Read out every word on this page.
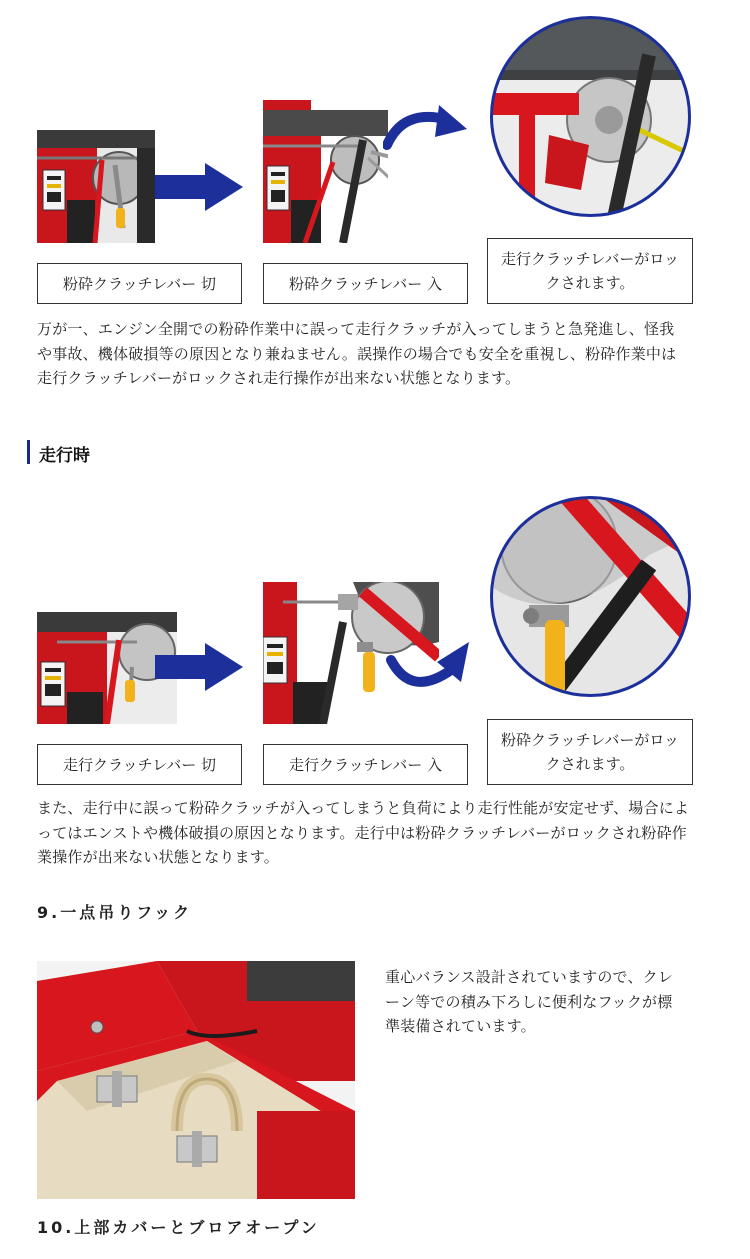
粉砕クラッチレバー 切	粉砕クラッチレバー 入
走行クラッチレバーがロックされます。
万が一、エンジン全開での粉砕作業中に誤って走行クラッチが入ってしまうと急発進し、怪我や事故、機体破損等の原因となり兼ねません。誤操作の場合でも安全を重視し、粉砕作業中は走行クラッチレバーがロックされ走行操作が出来ない状態となります。
走行時
走行クラッチレバー 切	走行クラッチレバー 入
粉砕クラッチレバーがロックされます。
また、走行中に誤って粉砕クラッチが入ってしまうと負荷により走行性能が安定せず、場合によってはエンストや機体破損の原因となります。走行中は粉砕クラッチレバーがロックされ粉砕作業操作が出来ない状態となります。
9.一点吊りフック
重心バランス設計されていますので、クレーン等での積み下ろしに便利なフックが標準装備されています。
10.上部カバーとブロアオープン
